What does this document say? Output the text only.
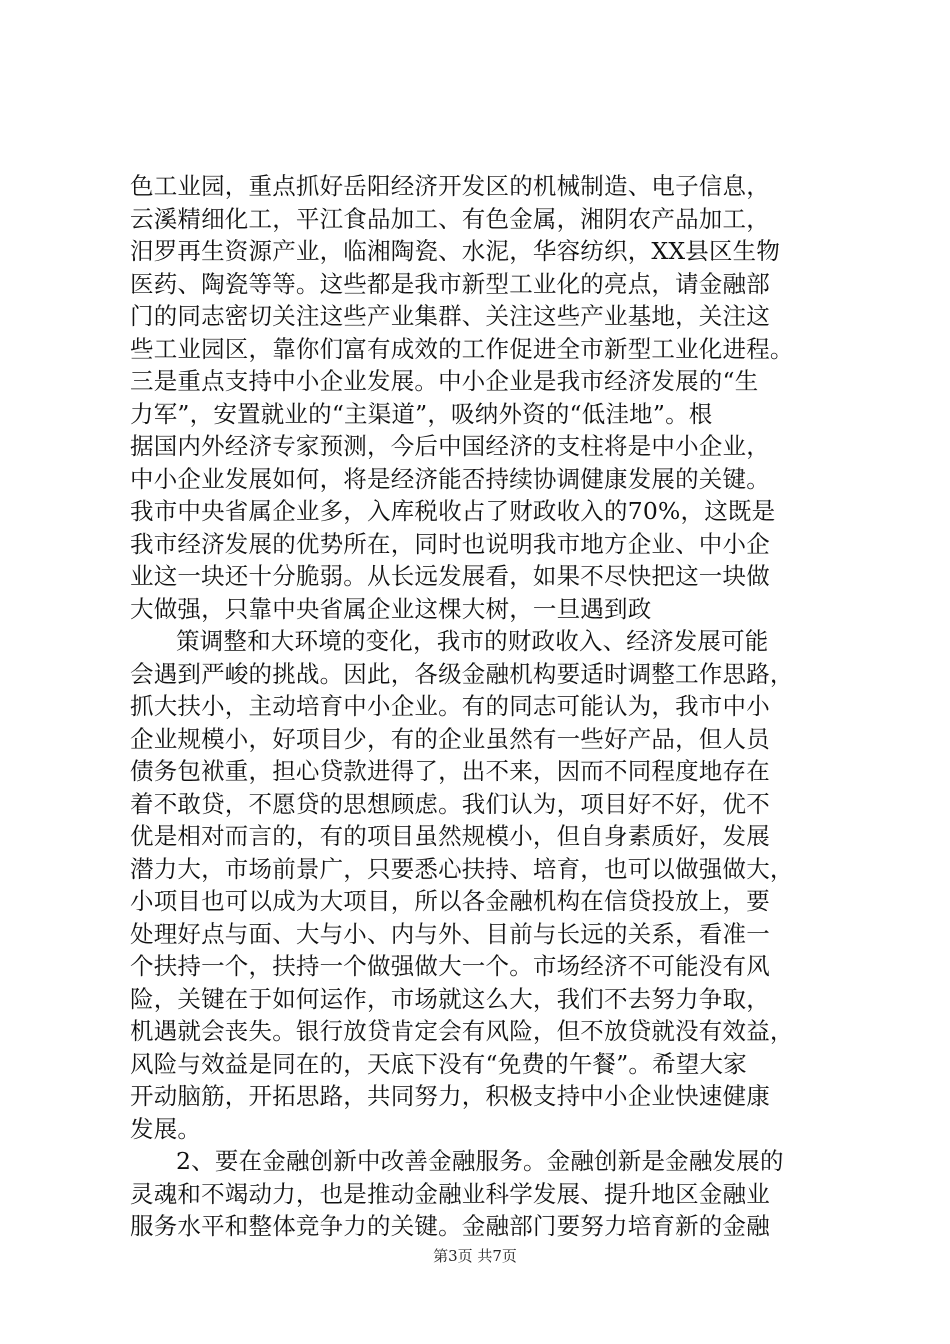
色工业园，重点抓好岳阳经济开发区的机械制造、电子信息，
云溪精细化工，平江食品加工、有色金属，湘阴农产品加工，
汨罗再生资源产业，临湘陶瓷、水泥，华容纺织，XX县区生物
医药、陶瓷等等。这些都是我市新型工业化的亮点，请金融部
门的同志密切关注这些产业集群、关注这些产业基地，关注这
些工业园区，靠你们富有成效的工作促进全市新型工业化进程。
三是重点支持中小企业发展。中小企业是我市经济发展的“生
力军”，安置就业的“主渠道”，吸纳外资的“低洼地”。根
据国内外经济专家预测，今后中国经济的支柱将是中小企业，
中小企业发展如何，将是经济能否持续协调健康发展的关键。
我市中央省属企业多，入库税收占了财政收入的70%，这既是
我市经济发展的优势所在，同时也说明我市地方企业、中小企
业这一块还十分脆弱。从长远发展看，如果不尽快把这一块做
大做强，只靠中央省属企业这棵大树，一旦遇到政
策调整和大环境的变化，我市的财政收入、经济发展可能
会遇到严峻的挑战。因此，各级金融机构要适时调整工作思路，
抓大扶小，主动培育中小企业。有的同志可能认为，我市中小
企业规模小，好项目少，有的企业虽然有一些好产品，但人员
债务包袱重，担心贷款进得了，出不来，因而不同程度地存在
着不敢贷，不愿贷的思想顾虑。我们认为，项目好不好，优不
优是相对而言的，有的项目虽然规模小，但自身素质好，发展
潜力大，市场前景广，只要悉心扶持、培育，也可以做强做大，
小项目也可以成为大项目，所以各金融机构在信贷投放上，要
处理好点与面、大与小、内与外、目前与长远的关系，看准一
个扶持一个，扶持一个做强做大一个。市场经济不可能没有风
险，关键在于如何运作，市场就这么大，我们不去努力争取，
机遇就会丧失。银行放贷肯定会有风险，但不放贷就没有效益，
风险与效益是同在的，天底下没有“免费的午餐”。希望大家
开动脑筋，开拓思路，共同努力，积极支持中小企业快速健康
发展。
2、要在金融创新中改善金融服务。金融创新是金融发展的
灵魂和不竭动力，也是推动金融业科学发展、提升地区金融业
服务水平和整体竞争力的关键。金融部门要努力培育新的金融
第3页 共7页
